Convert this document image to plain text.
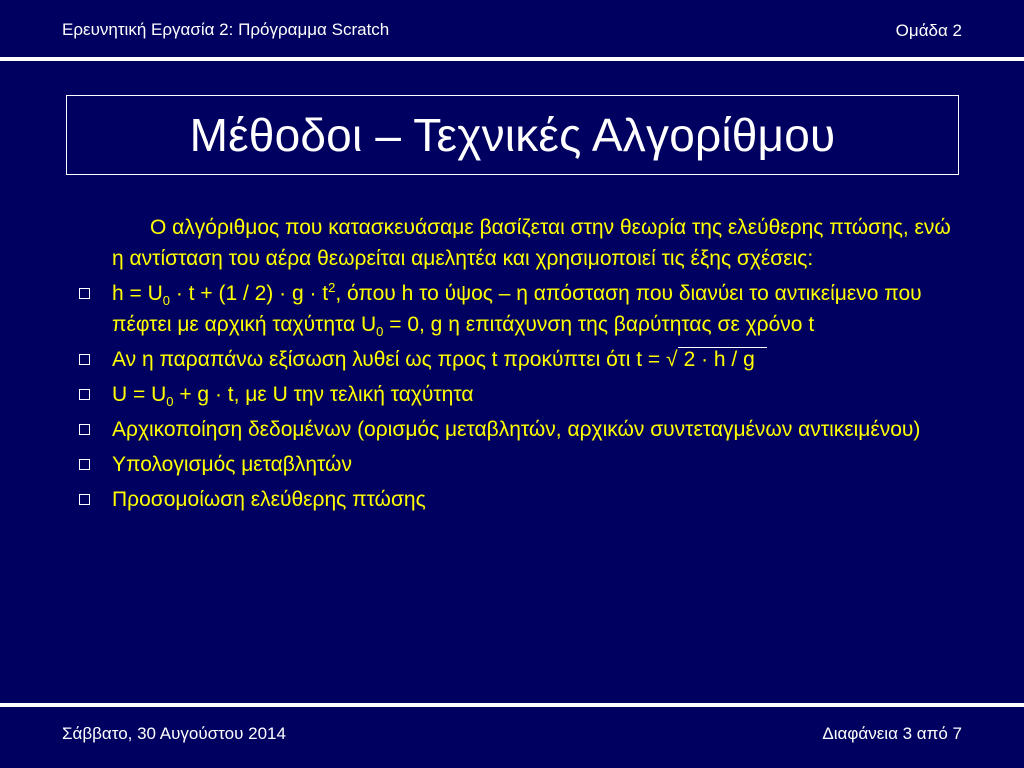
Ερευνητική Εργασία 2: Πρόγραμμα Scratch	Ομάδα 2
Μέθοδοι – Τεχνικές Αλγορίθμου

Ο αλγόριθμος που κατασκευάσαμε βασίζεται στην θεωρία της ελεύθερης πτώσης, ενώ η αντίσταση του αέρα θεωρείται αμελητέα και χρησιμοποιεί τις έξης σχέσεις:

$h = U_0 \cdot t + (1 / 2) \cdot g \cdot t^2$, όπου h το ύψος – η απόσταση που διανύει το αντικείμενο που πέφτει με αρχική ταχύτητα $U_0 = 0$, g η επιτάχυνση της βαρύτητας σε χρόνο t
Αν η παραπάνω εξίσωση λυθεί ως προς t προκύπτει ότι t = √ 2 · h / g
$U = U_0 + g \cdot t$, με U την τελική ταχύτητα
Αρχικοποίηση δεδομένων (ορισμός μεταβλητών, αρχικών συντεταγμένων αντικειμένου)
Υπολογισμός μεταβλητών
Προσομοίωση ελεύθερης πτώσης
Σάββατο, 30 Αυγούστου 2014	Διαφάνεια 3 από 7
